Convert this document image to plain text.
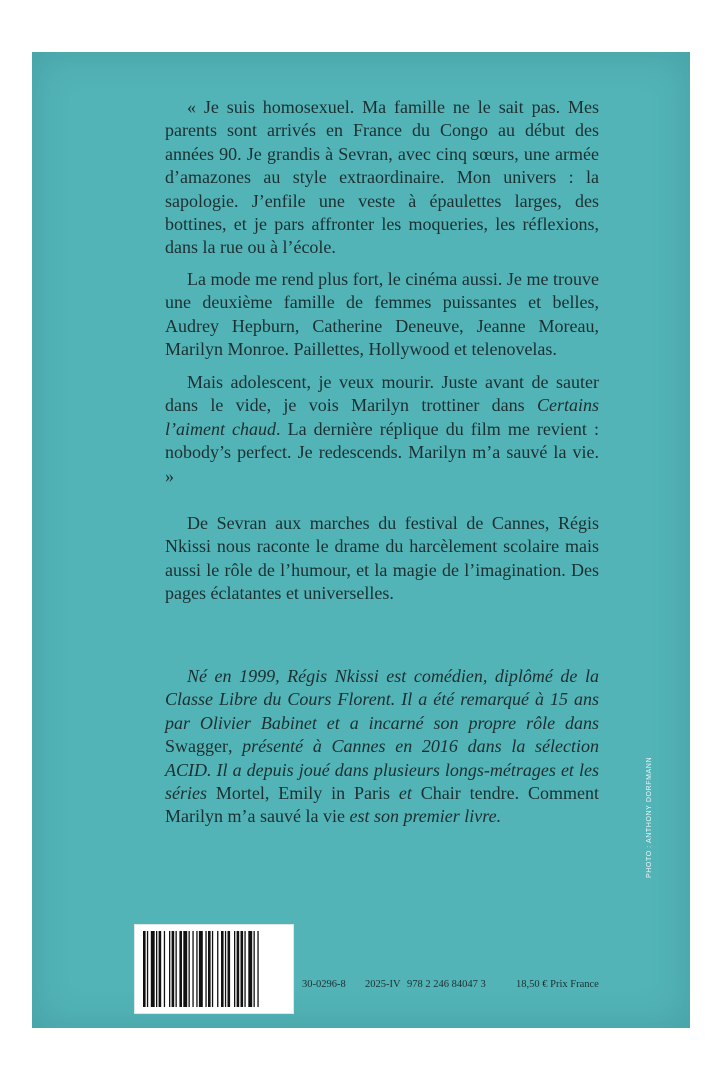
« Je suis homosexuel. Ma famille ne le sait pas. Mes parents sont arrivés en France du Congo au début des années 90. Je grandis à Sevran, avec cinq sœurs, une armée d’amazones au style extraordinaire. Mon univers : la sapologie. J’enfile une veste à épaulettes larges, des bottines, et je pars affronter les moqueries, les réflexions, dans la rue ou à l’école.

La mode me rend plus fort, le cinéma aussi. Je me trouve une deuxième famille de femmes puissantes et belles, Audrey Hepburn, Catherine Deneuve, Jeanne Moreau, Marilyn Monroe. Paillettes, Hollywood et telenovelas.

Mais adolescent, je veux mourir. Juste avant de sauter dans le vide, je vois Marilyn trottiner dans Certains l’aiment chaud. La dernière réplique du film me revient : nobody’s perfect. Je redescends. Marilyn m’a sauvé la vie. »

De Sevran aux marches du festival de Cannes, Régis Nkissi nous raconte le drame du harcèlement scolaire mais aussi le rôle de l’humour, et la magie de l’imagination. Des pages éclatantes et universelles.

Né en 1999, Régis Nkissi est comédien, diplômé de la Classe Libre du Cours Florent. Il a été remarqué à 15 ans par Olivier Babinet et a incarné son propre rôle dans Swagger, présenté à Cannes en 2016 dans la sélection ACID. Il a depuis joué dans plusieurs longs-métrages et les séries Mortel, Emily in Paris et Chair tendre. Comment Marilyn m’a sauvé la vie est son premier livre.	PHOTO : ANTHONY DORFMANN
30-0296-8 2025-IV 978 2 246 84047 3	18,50 € Prix France
